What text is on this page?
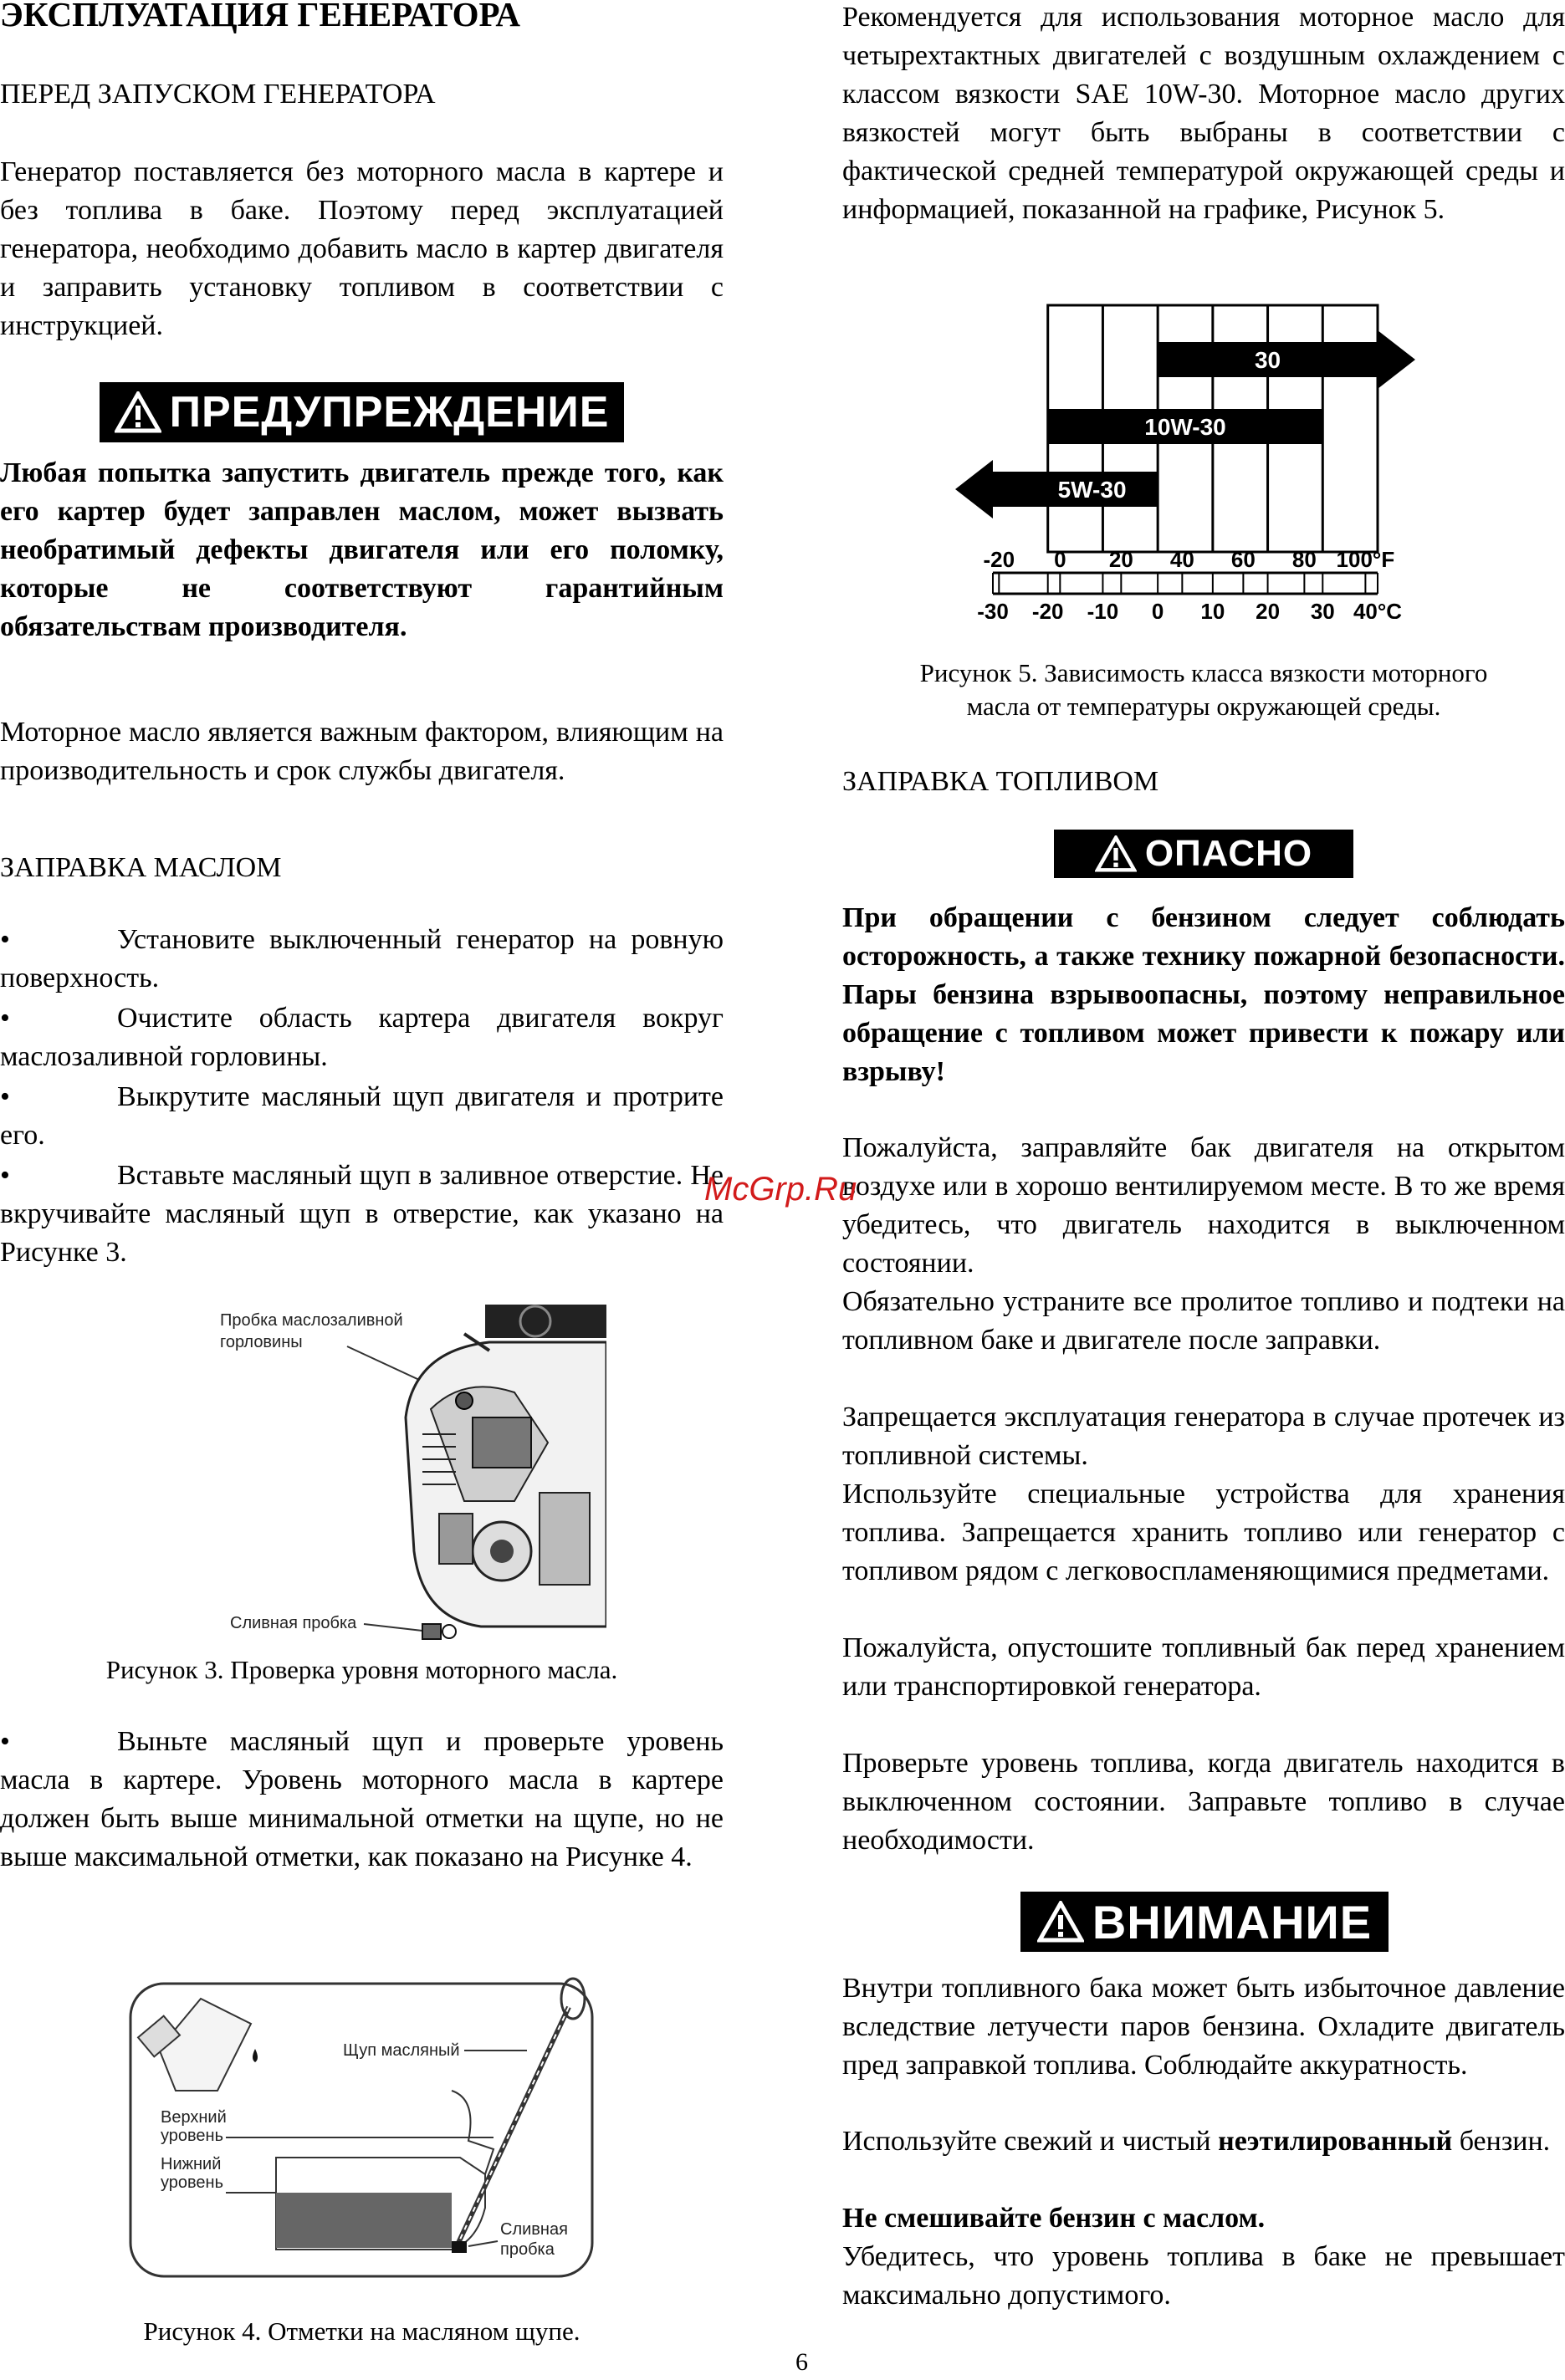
ЭКСПЛУАТАЦИЯ ГЕНЕРАТОРА

ПЕРЕД ЗАПУСКОМ ГЕНЕРАТОРА

Генератор поставляется без моторного масла в картере и без топлива в баке. Поэтому перед эксплуатацией генератора, необходимо добавить масло в картер двигателя и заправить установку топливом в соответствии с инструкцией.

ПРЕДУПРЕЖДЕНИЕ

Любая попытка запустить двигатель прежде того, как его картер будет заправлен маслом, может вызвать необратимый дефекты двигателя или его поломку, которые не соответствуют гарантийным обязательствам производителя.

Моторное масло является важным фактором, влияющим на производительность и срок службы двигателя.

ЗАПРАВКА МАСЛОМ

•	Установите выключенный генератор на ровную поверхность.

•	Очистите область картера двигателя вокруг маслозаливной горловины.

•	Выкрутите масляный щуп двигателя и протрите его.

•	Вставьте масляный щуп в заливное отверстие. Не вкручивайте масляный щуп в отверстие, как указано на Рисунке 3.

Пробка маслозаливной
горловины
Сливная пробка

Рисунок 3. Проверка уровня моторного масла.

•	Выньте масляный щуп и проверьте уровень масла в картере. Уровень моторного масла в картере должен быть выше минимальной отметки на щупе, но не выше максимальной отметки, как показано на Рисунке 4.

Щуп масляный
Верхний
уровень
Нижний
уровень
Сливная
пробка

Рисунок 4. Отметки на масляном щупе.

Рекомендуется для использования моторное масло для четырехтактных двигателей с воздушным охлаждением с классом вязкости SAE 10W-30. Моторное масло других вязкостей могут быть выбраны в соответствии с фактической средней температурой окружающей среды и информацией, показанной на графике, Рисунок 5.

30
10W-30
5W-30
-20 0 20 40 60 80 100°F
-30 -20 -10 0 10 20 30 40°C

Рисунок 5. Зависимость класса вязкости моторного

масла от температуры окружающей среды.

ЗАПРАВКА ТОПЛИВОМ

ОПАСНО

При обращении с бензином следует соблюдать осторожность, а также технику пожарной безопасности. Пары бензина взрывоопасны, поэтому неправильное обращение с топливом может привести к пожару или взрыву!

Пожалуйста, заправляйте бак двигателя на открытом воздухе или в хорошо вентилируемом месте. В то же время убедитесь, что двигатель находится в выключенном состоянии.

Обязательно устраните все пролитое топливо и подтеки на топливном баке и двигателе после заправки.

Запрещается эксплуатация генератора в случае протечек из топливной системы.

Используйте специальные устройства для хранения топлива. Запрещается хранить топливо или генератор с топливом рядом с легковоспламеняющимися предметами.

Пожалуйста, опустошите топливный бак перед хранением или транспортировкой генератора.

Проверьте уровень топлива, когда двигатель находится в выключенном состоянии. Заправьте топливо в случае необходимости.

ВНИМАНИЕ

Внутри топливного бака может быть избыточное давление вследствие летучести паров бензина. Охладите двигатель пред заправкой топлива. Соблюдайте аккуратность.

Используйте свежий и чистый неэтилированный бензин.

Не смешивайте бензин с маслом.

Убедитесь, что уровень топлива в баке не превышает максимально допустимого.

McGrp.Ru
6
